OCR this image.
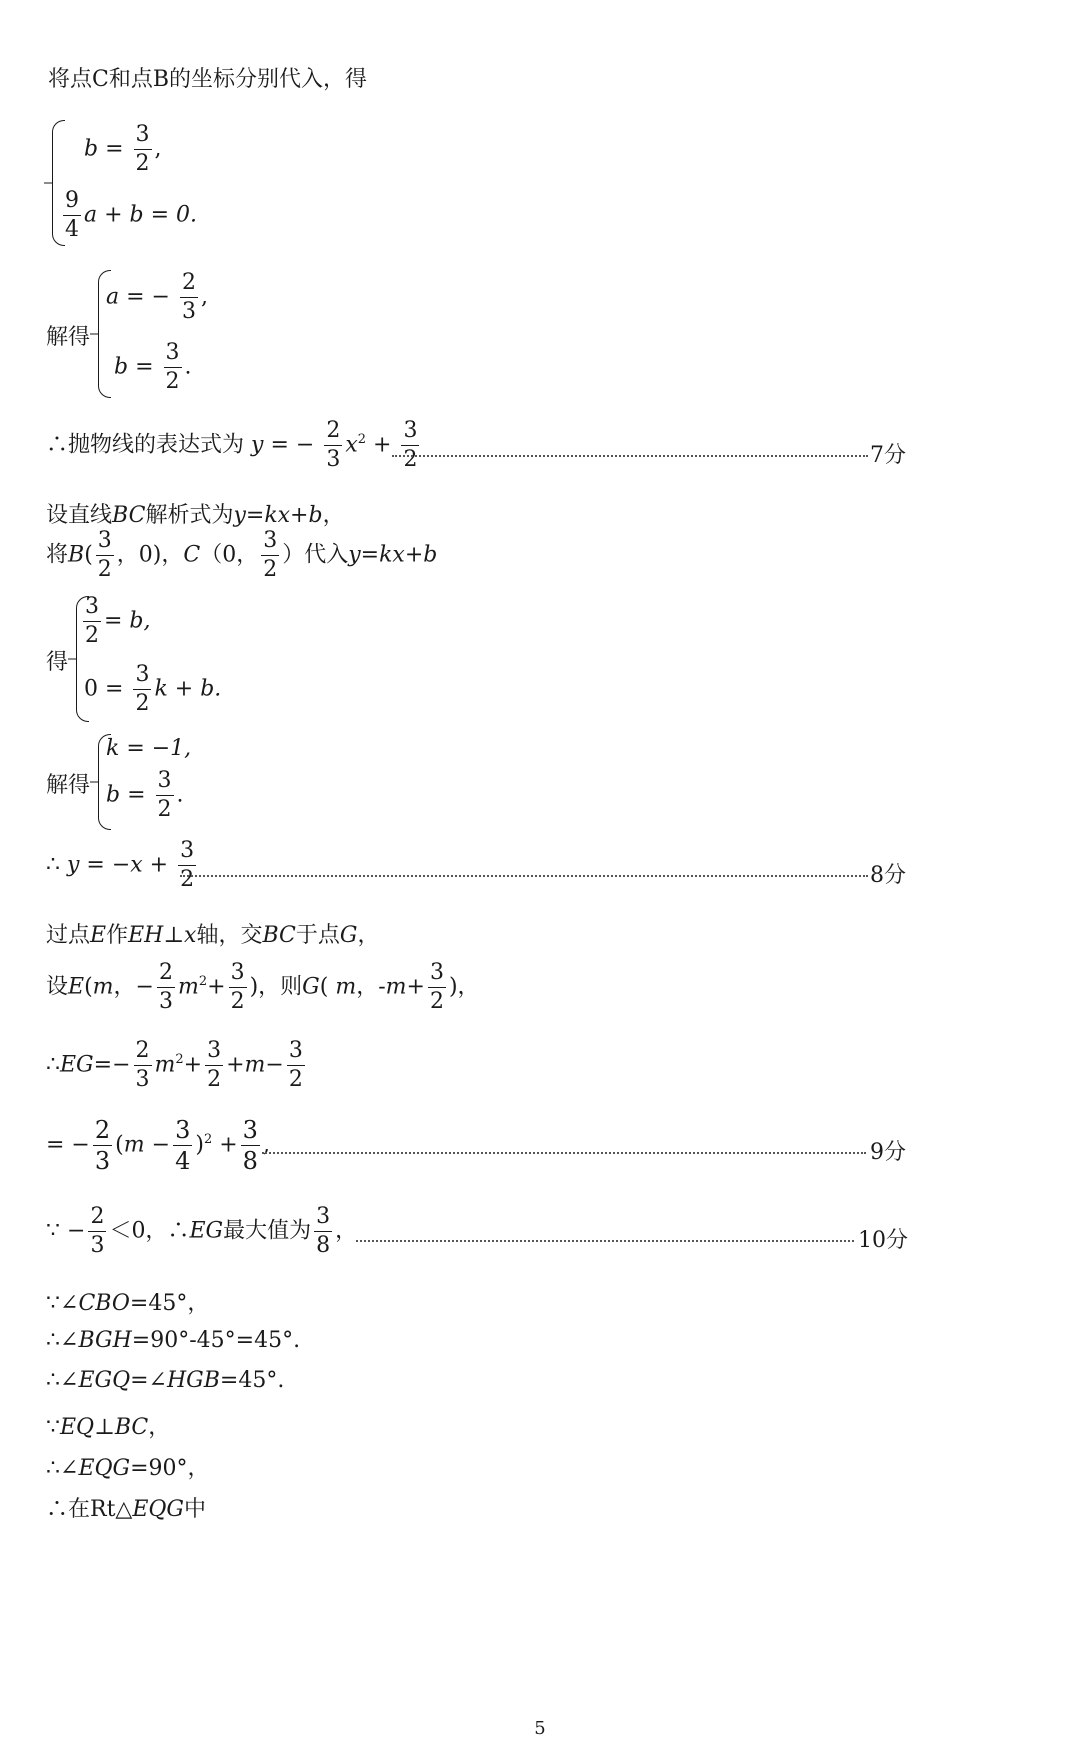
将点C和点B的坐标分别代入，得
$b = \frac{3}{2}$ ,
$\frac{9}{4}$ a + b = 0.
解得
a = − $\frac{2}{3}$ ,
$b = \frac{3}{2}$ .
∴抛物线的表达式为 y = − $\frac{2}{3} x^2 + \frac{3}{2}$	7分
设直线BC解析式为y=kx+b，
将$B( \frac{3}{2}$ ，0)，C（0， $\frac{3}{2}$ ）代入y=kx+b
得
$\frac{3}{2} = b$,
$0 = \frac{3}{2}$ k + b.
解得
k = −1,
$b = \frac{3}{2}$ .
∴ $y = -x + \frac{3}{2}$	8分
过点E作EH⊥x轴，交BC于点G，
设E(m，− $\frac{2}{3} m^2+ \frac{3}{2}$ )，则G( m，$-m+ \frac{3}{2}$ )，
∴EG=− $\frac{2}{3} m^2+ \frac{3}{2} +m- \frac{3}{2}$
= − $\frac{2}{3} (m - \frac{3}{4} )^2 + \frac{3}{8}$ ,	9分
∵ − $\frac{2}{3} <0$，∴EG最大值为 $\frac{3}{8}$ ，	10分
∵∠CBO=45°，
∴∠BGH=90°-45°=45°.
∴∠EGQ=∠HGB=45°.
∵EQ⊥BC，
∴∠EQG=90°，
∴在Rt△EQG中
5
